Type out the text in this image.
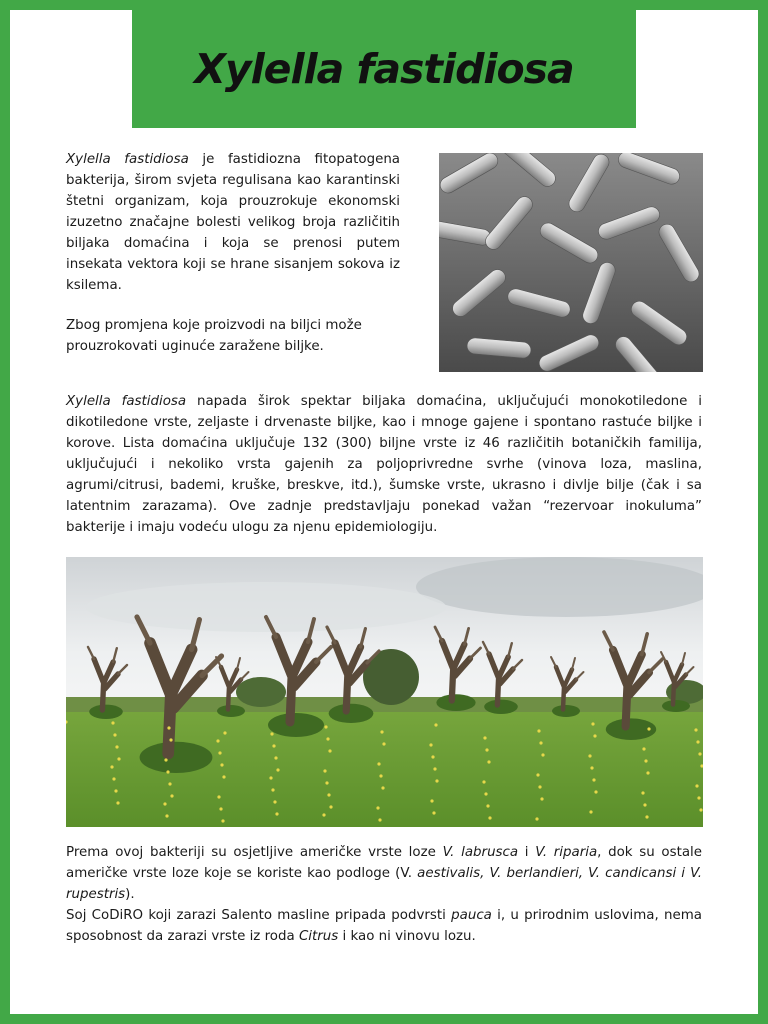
Xylella fastidiosa

Xylella fastidiosa je fastidiozna fitopatogena bakterija, širom svjeta regulisana kao karantinski štetni organizam, koja prouzrokuje ekonomski izuzetno značajne bolesti velikog broja različitih biljaka domaćina i koja se prenosi putem insekata vektora koji se hrane sisanjem sokova iz ksilema.

Zbog promjena koje proizvodi na biljci može prouzrokovati uginuće zaražene biljke.

Xylella fastidiosa napada širok spektar biljaka domaćina, uključujući monokotiledone i dikotiledone vrste, zeljaste i drvenaste biljke, kao i mnoge gajene i spontano rastuće biljke i korove. Lista domaćina uključuje 132 (300) biljne vrste iz 46 različitih botaničkih familija, uključujući i nekoliko vrsta gajenih za poljoprivredne svrhe (vinova loza, maslina, agrumi/citrusi, bademi, kruške, breskve, itd.), šumske vrste, ukrasno i divlje bilje (čak i sa latentnim zarazama). Ove zadnje predstavljaju ponekad važan “rezervoar inokuluma” bakterije i imaju vodeću ulogu za njenu epidemiologiju.

Prema ovoj bakteriji su osjetljive američke vrste loze V. labrusca i V. riparia, dok su ostale američke vrste loze koje se koriste kao podloge (V. aestivalis, V. berlandieri, V. candicansi i V. rupestris).
Soj CoDiRO koji zarazi Salento masline pripada podvrsti pauca i, u prirodnim uslovima, nema sposobnost da zarazi vrste iz roda Citrus i kao ni vinovu lozu.
